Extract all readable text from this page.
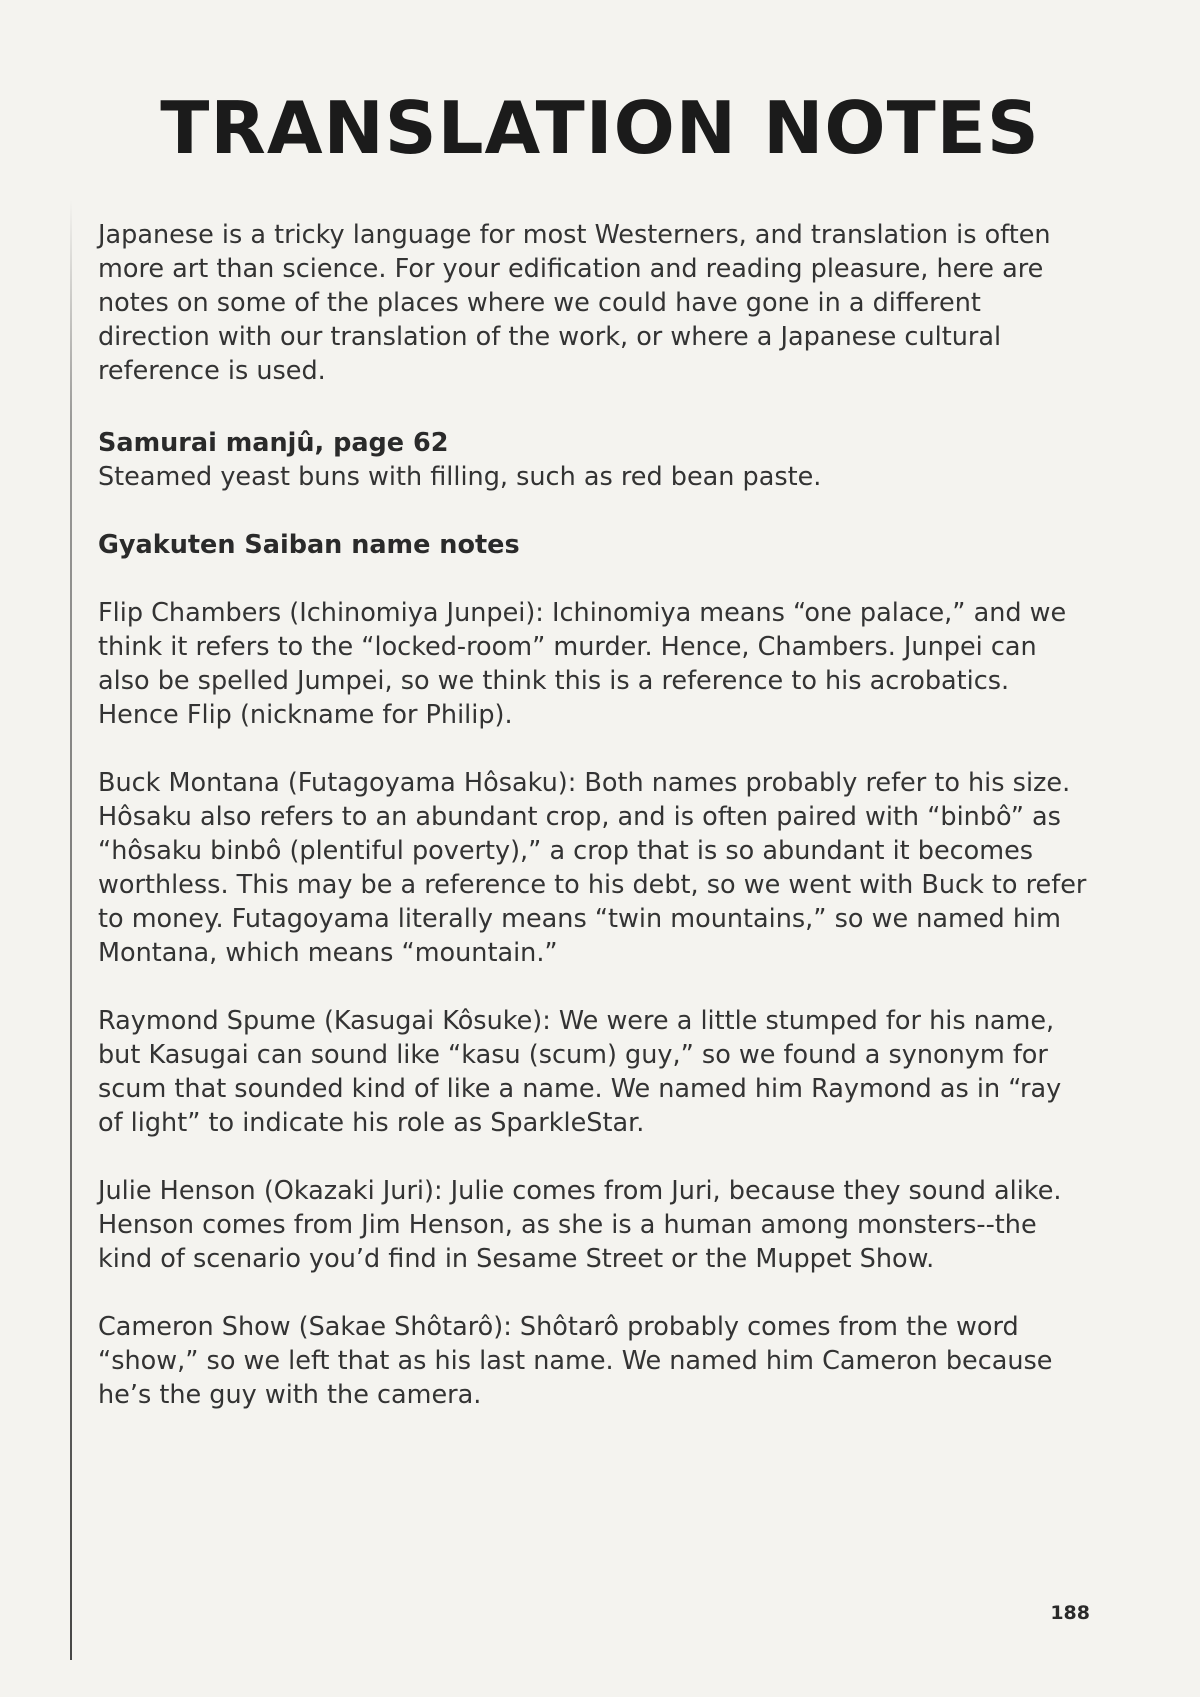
TRANSLATION NOTES

Japanese is a tricky language for most Westerners, and translation is often more art than science. For your edification and reading pleasure, here are notes on some of the places where we could have gone in a different direction with our translation of the work, or where a Japanese cultural reference is used.

Samurai manjû, page 62

Steamed yeast buns with filling, such as red bean paste.

Gyakuten Saiban name notes

Flip Chambers (Ichinomiya Junpei): Ichinomiya means “one palace,” and we think it refers to the “locked-room” murder. Hence, Chambers. Junpei can also be spelled Jumpei, so we think this is a reference to his acrobatics. Hence Flip (nickname for Philip).

Buck Montana (Futagoyama Hôsaku): Both names probably refer to his size. Hôsaku also refers to an abundant crop, and is often paired with “binbô” as “hôsaku binbô (plentiful poverty),” a crop that is so abundant it becomes worthless. This may be a reference to his debt, so we went with Buck to refer to money. Futagoyama literally means “twin mountains,” so we named him Montana, which means “mountain.”

Raymond Spume (Kasugai Kôsuke): We were a little stumped for his name, but Kasugai can sound like “kasu (scum) guy,” so we found a synonym for scum that sounded kind of like a name. We named him Raymond as in “ray of light” to indicate his role as SparkleStar.

Julie Henson (Okazaki Juri): Julie comes from Juri, because they sound alike. Henson comes from Jim Henson, as she is a human among monsters--the kind of scenario you’d find in Sesame Street or the Muppet Show.

Cameron Show (Sakae Shôtarô): Shôtarô probably comes from the word “show,” so we left that as his last name. We named him Cameron because he’s the guy with the camera.

188
